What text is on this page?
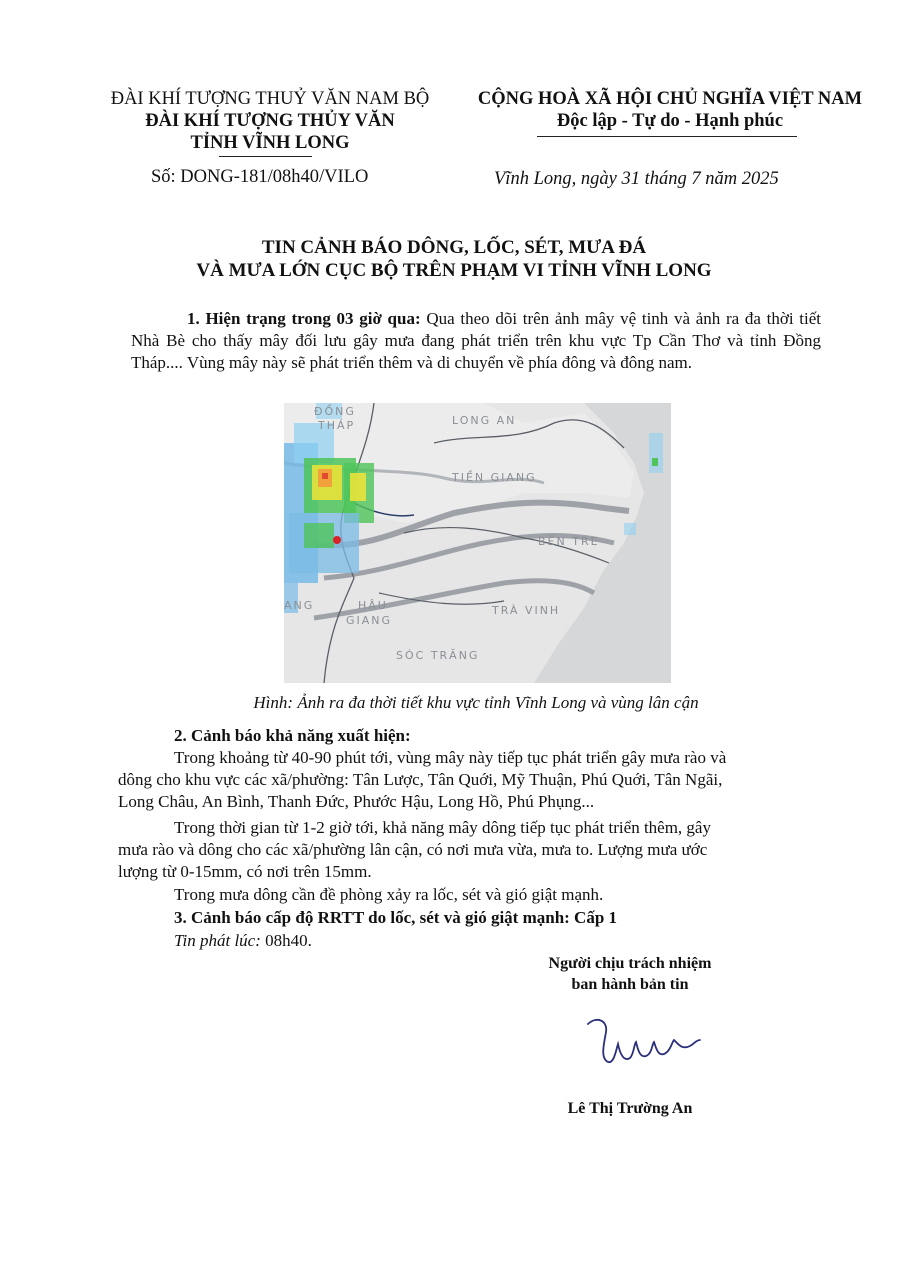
ĐÀI KHÍ TƯỢNG THUỶ VĂN NAM BỘ
ĐÀI KHÍ TƯỢNG THỦY VĂN
TỈNH VĨNH LONG
Số: DONG-181/08h40/VILO
CỘNG HOÀ XÃ HỘI CHỦ NGHĨA VIỆT NAM
Độc lập - Tự do - Hạnh phúc
Vĩnh Long, ngày 31 tháng 7 năm 2025
TIN CẢNH BÁO DÔNG, LỐC, SÉT, MƯA ĐÁ
VÀ MƯA LỚN CỤC BỘ TRÊN PHẠM VI TỈNH VĨNH LONG
1. Hiện trạng trong 03 giờ qua: Qua theo dõi trên ảnh mây vệ tinh và ảnh ra đa thời tiết Nhà Bè cho thấy mây đối lưu gây mưa đang phát triển trên khu vực Tp Cần Thơ và tỉnh Đồng Tháp.... Vùng mây này sẽ phát triển thêm và di chuyển về phía đông và đông nam.
ĐỒNG
THÁP	LONG AN
TIỀN GIANG
BẾN TRE
TRÀ VINH
HẬU
GIANG
SÓC TRĂNG
ANG
Hình: Ảnh ra đa thời tiết khu vực tỉnh Vĩnh Long và vùng lân cận
2. Cảnh báo khả năng xuất hiện:
Trong khoảng từ 40-90 phút tới, vùng mây này tiếp tục phát triển gây mưa rào và
dông cho khu vực các xã/phường: Tân Lược, Tân Quới, Mỹ Thuận, Phú Quới, Tân Ngãi,
Long Châu, An Bình, Thanh Đức, Phước Hậu, Long Hồ, Phú Phụng...
Trong thời gian từ 1-2 giờ tới, khả năng mây dông tiếp tục phát triển thêm, gây
mưa rào và dông cho các xã/phường lân cận, có nơi mưa vừa, mưa to. Lượng mưa ước
lượng từ 0-15mm, có nơi trên 15mm.
Trong mưa dông cần đề phòng xảy ra lốc, sét và gió giật mạnh.
3. Cảnh báo cấp độ RRTT do lốc, sét và gió giật mạnh: Cấp 1
Tin phát lúc: 08h40.
Người chịu trách nhiệm
ban hành bản tin
Lê Thị Trường An
